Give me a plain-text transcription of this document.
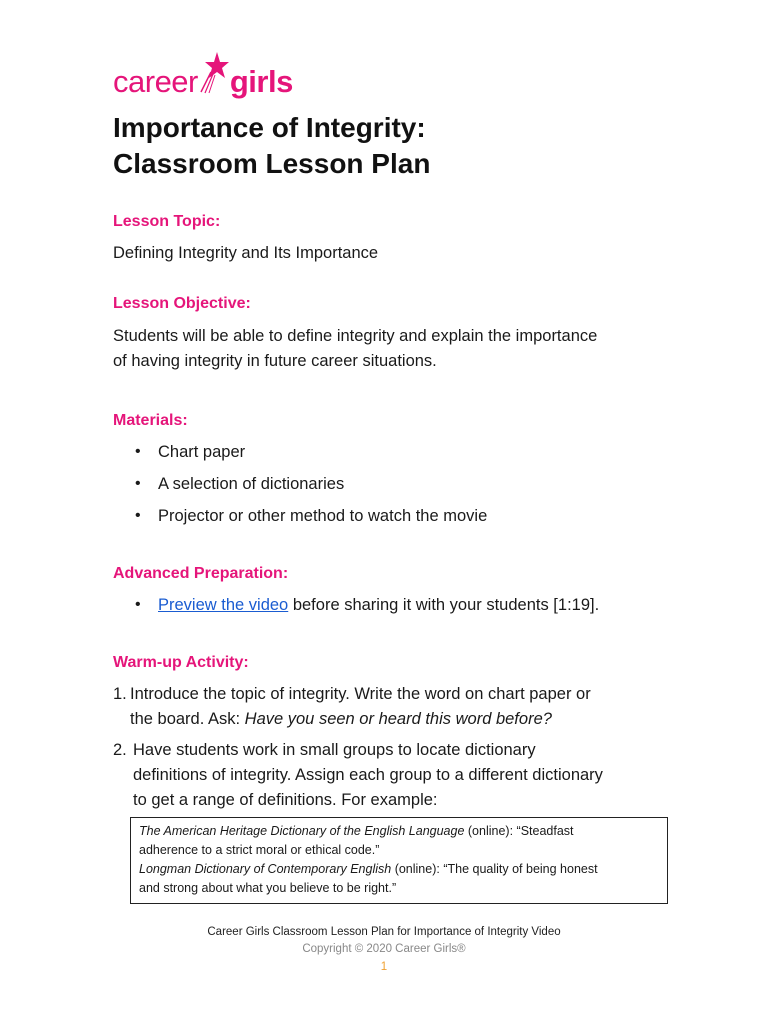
career girls
Importance of Integrity:
Classroom Lesson Plan

Lesson Topic:

Defining Integrity and Its Importance

Lesson Objective:

Students will be able to define integrity and explain the importance
of having integrity in future career situations.

Materials:

• Chart paper
• A selection of dictionaries
• Projector or other method to watch the movie

Advanced Preparation:

• Preview the video before sharing it with your students [1:19].

Warm-up Activity:

1. Introduce the topic of integrity. Write the word on chart paper or
the board. Ask: Have you seen or heard this word before?
2. Have students work in small groups to locate dictionary
definitions of integrity. Assign each group to a different dictionary
to get a range of definitions. For example:

The American Heritage Dictionary of the English Language (online): “Steadfast

adherence to a strict moral or ethical code.”

Longman Dictionary of Contemporary English (online): “The quality of being honest

and strong about what you believe to be right.”

Career Girls Classroom Lesson Plan for Importance of Integrity Video
Copyright © 2020 Career Girls®
1
